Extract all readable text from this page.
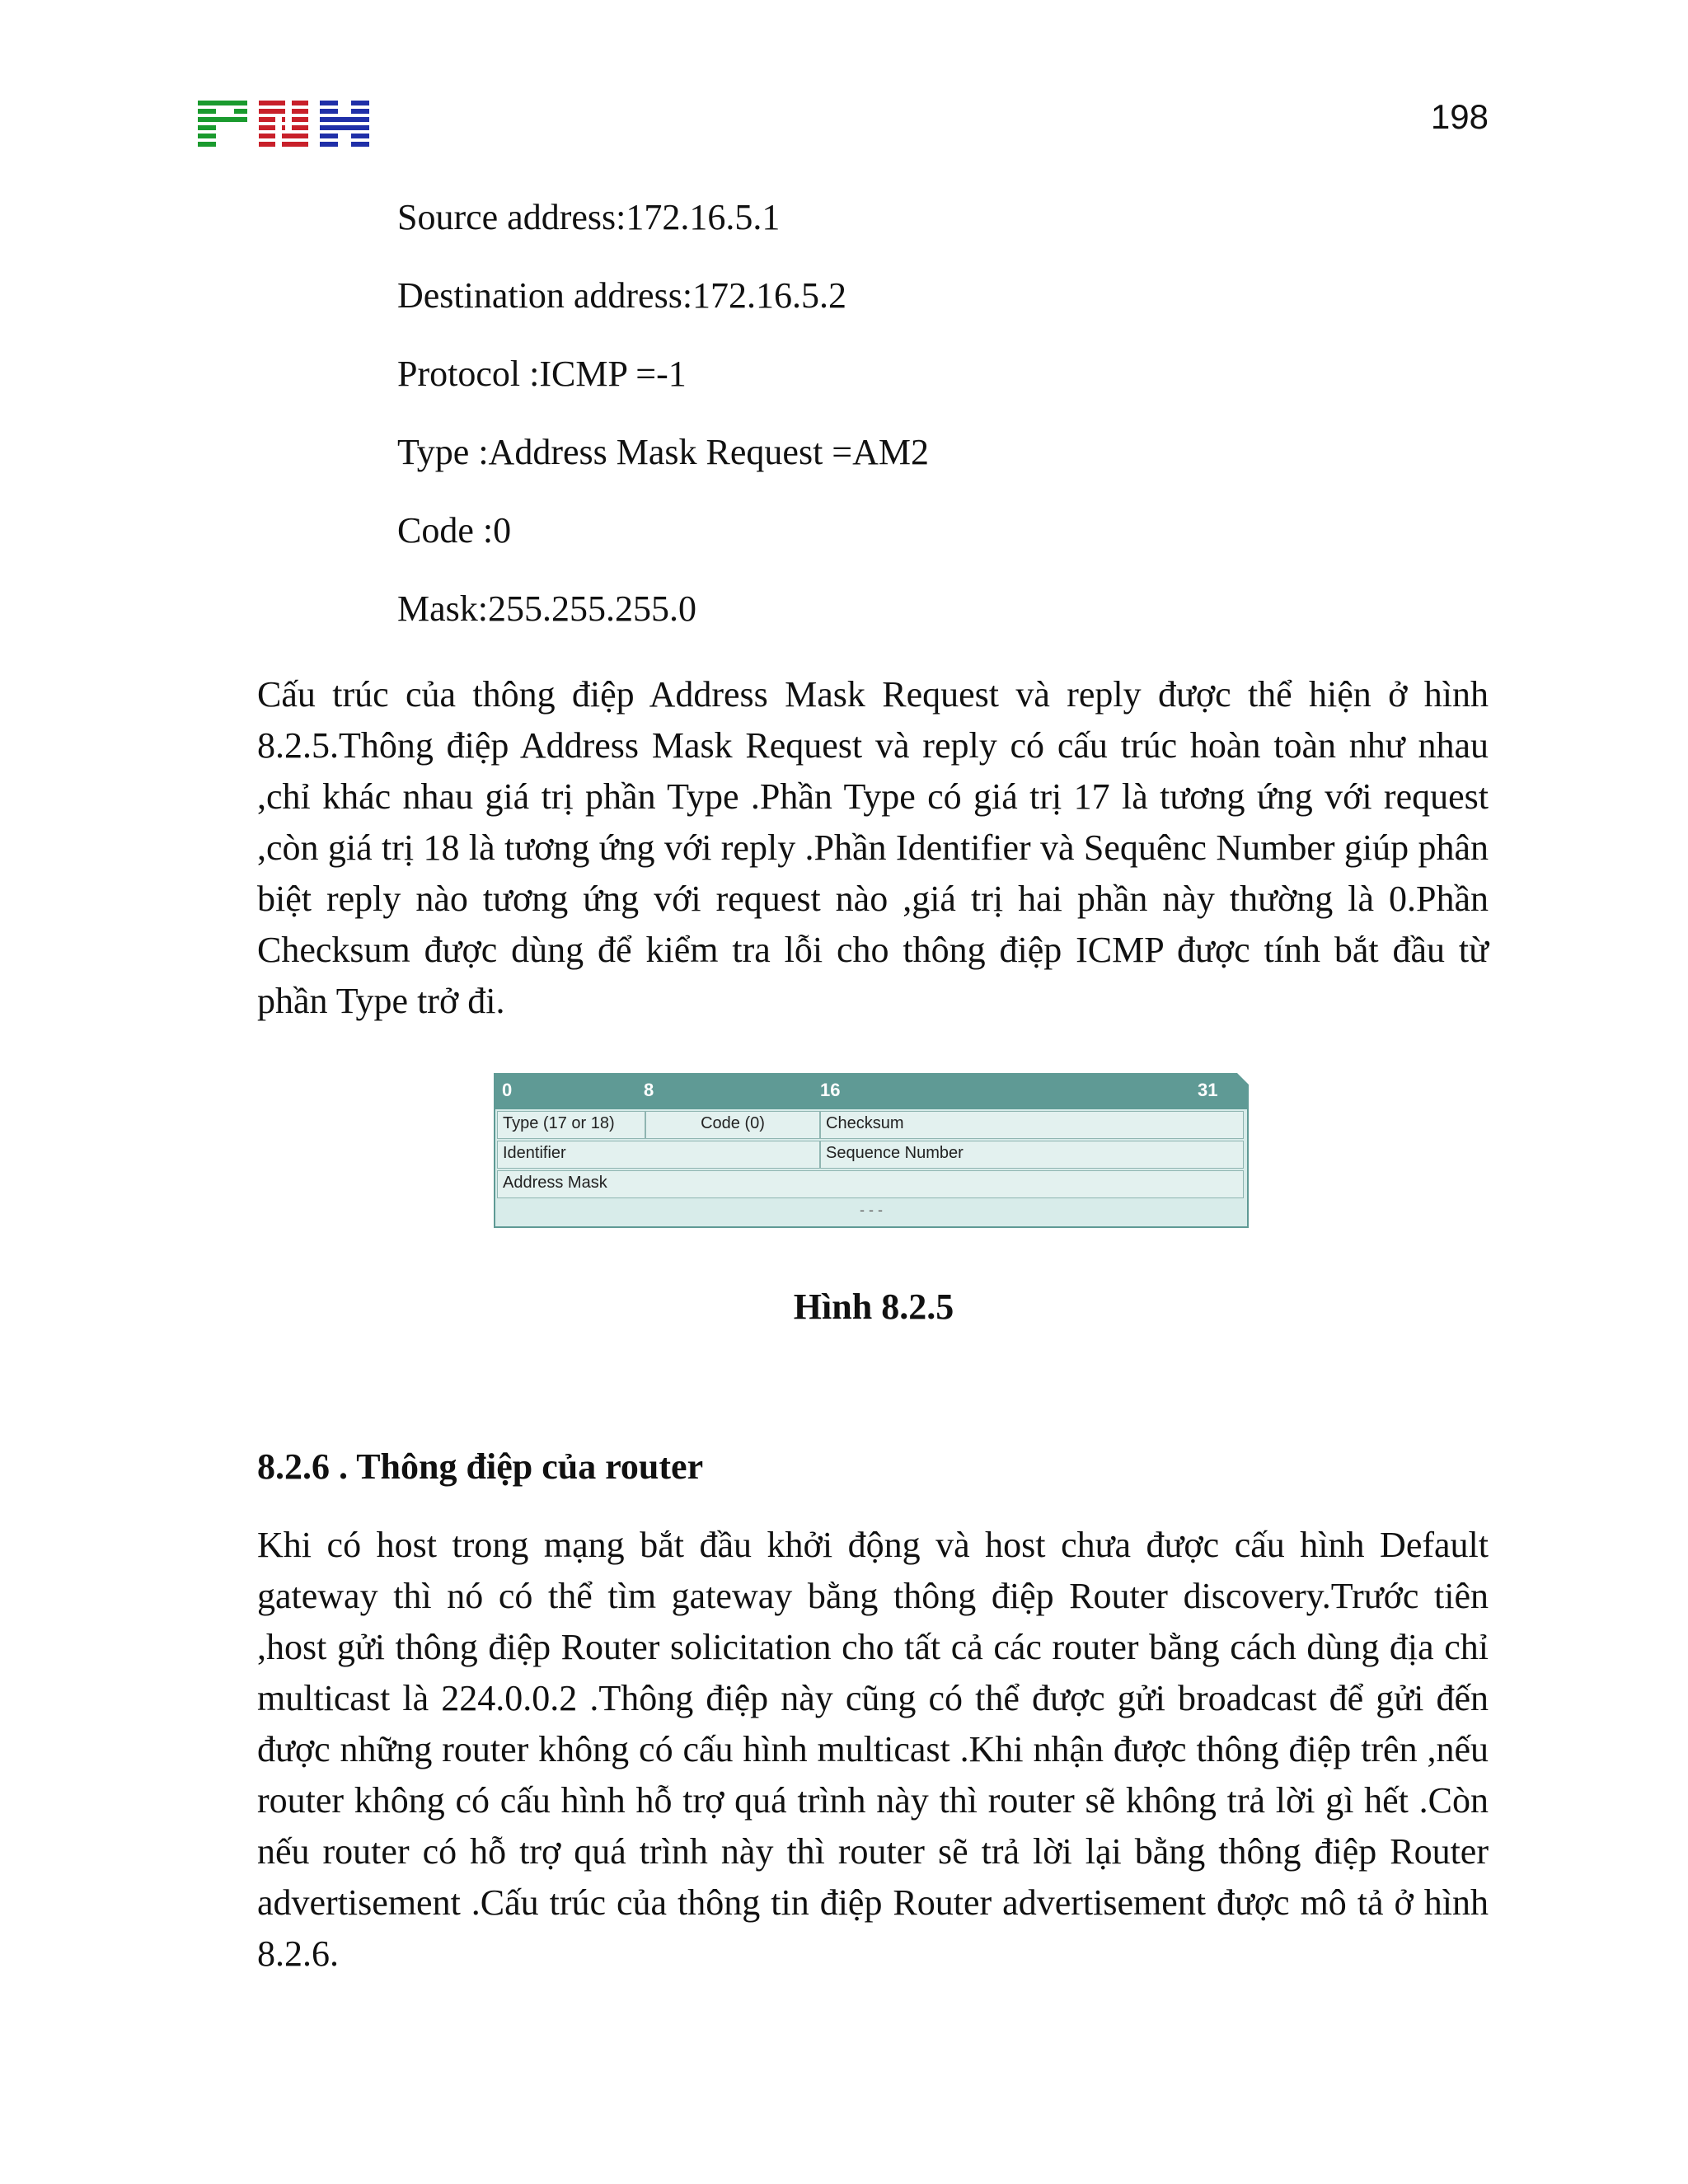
198
Source address:172.16.5.1
Destination address:172.16.5.2
Protocol :ICMP =-1
Type :Address Mask Request =AM2
Code :0
Mask:255.255.255.0

Cấu trúc của thông điệp Address Mask Request và reply được thể hiện ở hình 8.2.5.Thông điệp Address Mask Request và reply có cấu trúc hoàn toàn như nhau ,chỉ khác nhau giá trị phần Type .Phần Type có giá trị 17 là tương ứng với request ,còn giá trị 18 là tương ứng với reply .Phần Identifier và Sequênc Number giúp phân biệt reply nào tương ứng với request nào ,giá trị hai phần này thường là 0.Phần Checksum được dùng để kiểm tra lỗi cho thông điệp ICMP được tính bắt đầu từ phần Type trở đi.

0	8	16	31
Type (17 or 18)	Code (0)	Checksum
Identifier	Sequence Number
Address Mask
- - -
Hình 8.2.5
8.2.6 . Thông điệp của router

Khi có host trong mạng bắt đầu khởi động và host chưa được cấu hình Default gateway thì nó có thể tìm gateway bằng thông điệp Router discovery.Trước tiên ,host gửi thông điệp Router solicitation cho tất cả các router bằng cách dùng địa chỉ multicast là 224.0.0.2 .Thông điệp này cũng có thể được gửi broadcast để gửi đến được những router không có cấu hình multicast .Khi nhận được thông điệp trên ,nếu router không có cấu hình hỗ trợ quá trình này thì router sẽ không trả lời gì hết .Còn nếu router có hỗ trợ quá trình này thì router sẽ trả lời lại bằng thông điệp Router advertisement .Cấu trúc của thông tin điệp Router advertisement được mô tả ở hình 8.2.6.
